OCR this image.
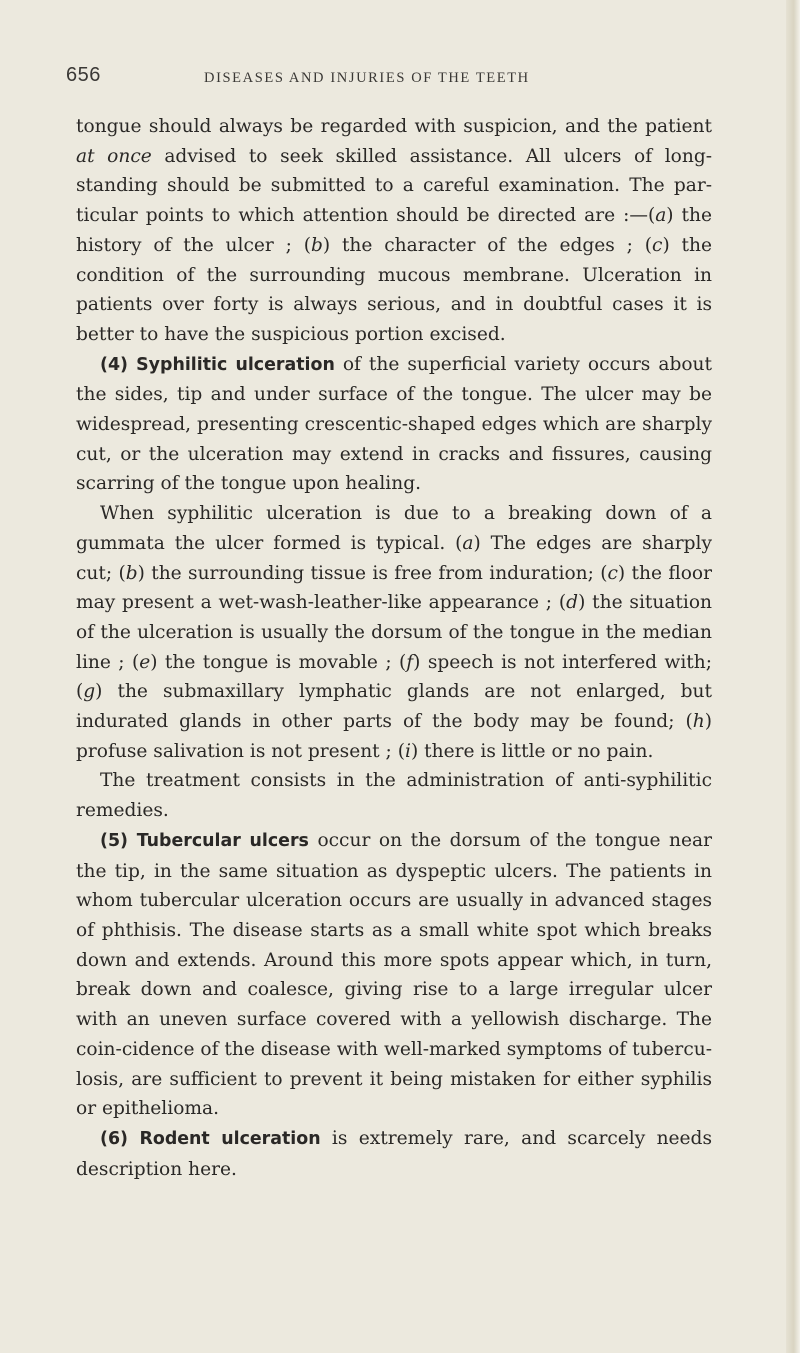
656	DISEASES AND INJURIES OF THE TEETH

tongue should always be regarded with suspicion, and the patient at once advised to seek skilled assistance. All ulcers of long-standing should be submitted to a careful examination. The par-ticular points to which attention should be directed are :—(a) the history of the ulcer ; (b) the character of the edges ; (c) the condition of the surrounding mucous membrane. Ulceration in patients over forty is always serious, and in doubtful cases it is better to have the suspicious portion excised.

(4) Syphilitic ulceration of the superficial variety occurs about the sides, tip and under surface of the tongue. The ulcer may be widespread, presenting crescentic-shaped edges which are sharply cut, or the ulceration may extend in cracks and fissures, causing scarring of the tongue upon healing.

When syphilitic ulceration is due to a breaking down of a gummata the ulcer formed is typical. (a) The edges are sharply cut; (b) the surrounding tissue is free from induration; (c) the floor may present a wet-wash-leather-like appearance ; (d) the situation of the ulceration is usually the dorsum of the tongue in the median line ; (e) the tongue is movable ; (f) speech is not interfered with; (g) the submaxillary lymphatic glands are not enlarged, but indurated glands in other parts of the body may be found; (h) profuse salivation is not present ; (i) there is little or no pain.

The treatment consists in the administration of anti-syphilitic remedies.

(5) Tubercular ulcers occur on the dorsum of the tongue near the tip, in the same situation as dyspeptic ulcers. The patients in whom tubercular ulceration occurs are usually in advanced stages of phthisis. The disease starts as a small white spot which breaks down and extends. Around this more spots appear which, in turn, break down and coalesce, giving rise to a large irregular ulcer with an uneven surface covered with a yellowish discharge. The coin-cidence of the disease with well-marked symptoms of tubercu-losis, are sufficient to prevent it being mistaken for either syphilis or epithelioma.

(6) Rodent ulceration is extremely rare, and scarcely needs description here.
